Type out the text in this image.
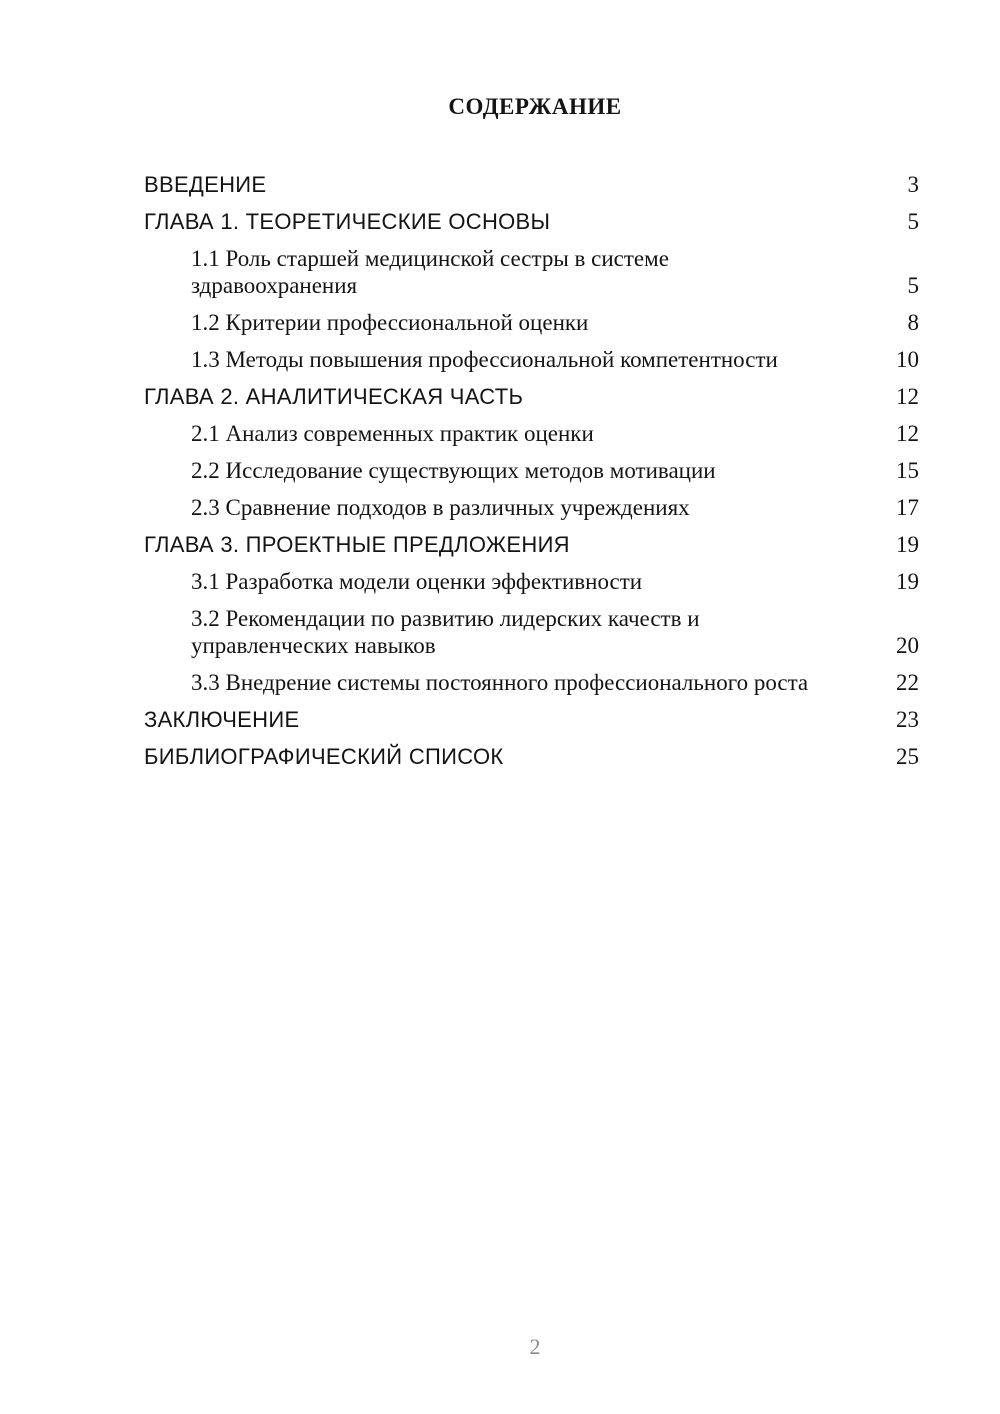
СОДЕРЖАНИЕ
ВВЕДЕНИЕ	3
ГЛАВА 1. ТЕОРЕТИЧЕСКИЕ ОСНОВЫ	5
1.1 Роль старшей медицинской сестры в системе здравоохранения	5
1.2 Критерии профессиональной оценки	8
1.3 Методы повышения профессиональной компетентности	10
ГЛАВА 2. АНАЛИТИЧЕСКАЯ ЧАСТЬ	12
2.1 Анализ современных практик оценки	12
2.2 Исследование существующих методов мотивации	15
2.3 Сравнение подходов в различных учреждениях	17
ГЛАВА 3. ПРОЕКТНЫЕ ПРЕДЛОЖЕНИЯ	19
3.1 Разработка модели оценки эффективности	19
3.2 Рекомендации по развитию лидерских качеств и управленческих навыков	20
3.3 Внедрение системы постоянного профессионального роста	22
ЗАКЛЮЧЕНИЕ	23
БИБЛИОГРАФИЧЕСКИЙ СПИСОК	25
2
